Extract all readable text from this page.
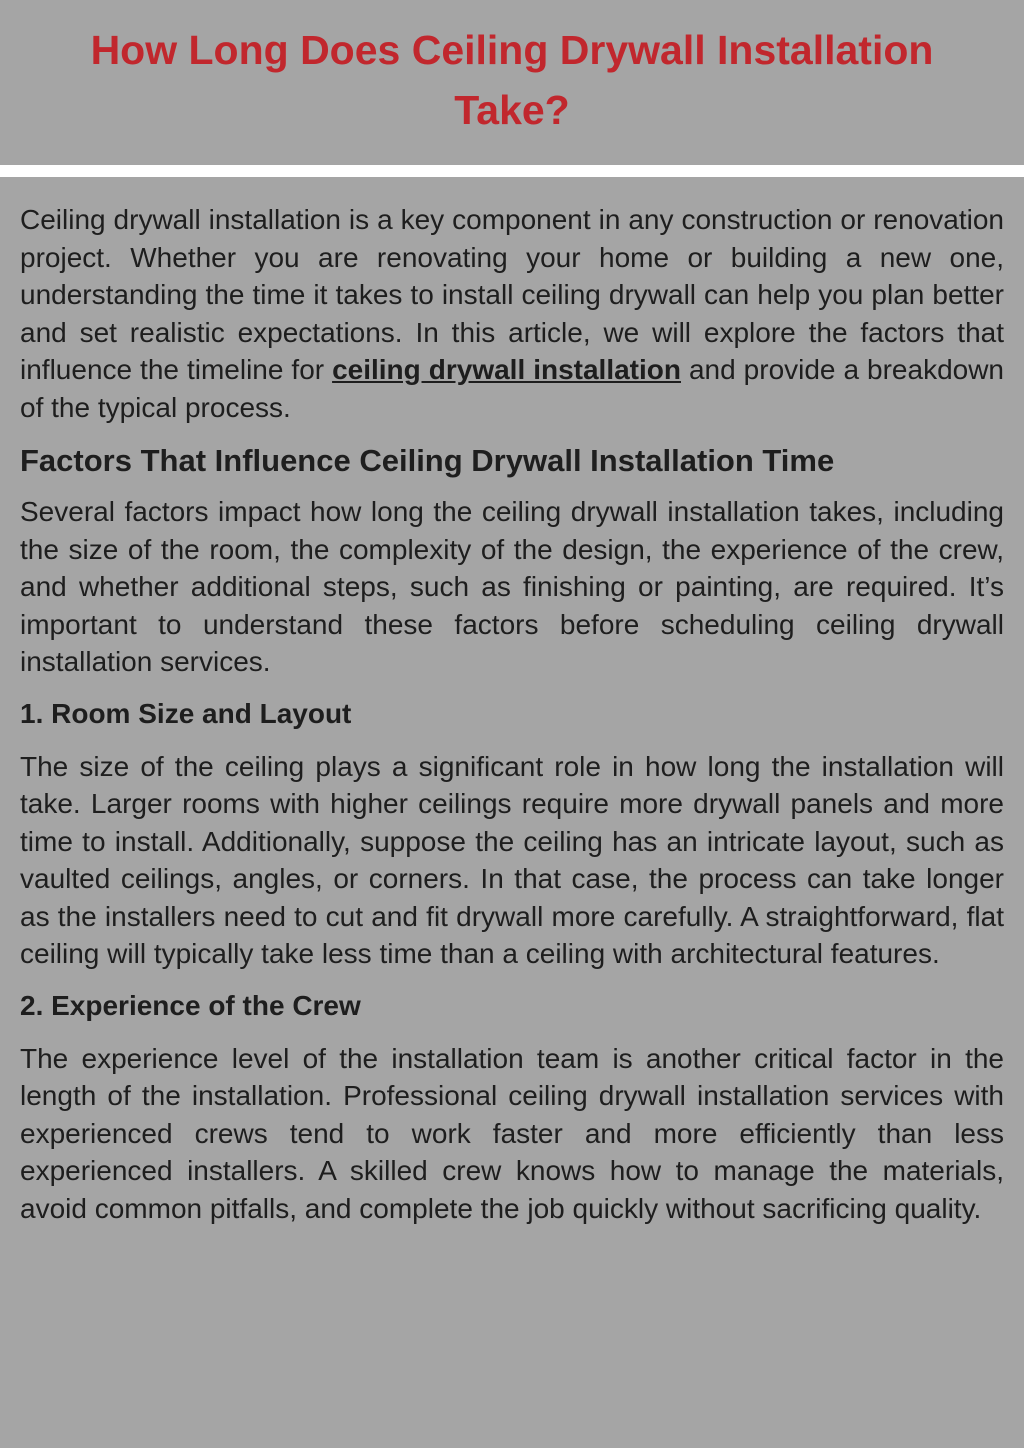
How Long Does Ceiling Drywall Installation Take?

Ceiling drywall installation is a key component in any construction or renovation project. Whether you are renovating your home or building a new one, understanding the time it takes to install ceiling drywall can help you plan better and set realistic expectations. In this article, we will explore the factors that influence the timeline for ceiling drywall installation and provide a breakdown of the typical process.

Factors That Influence Ceiling Drywall Installation Time

Several factors impact how long the ceiling drywall installation takes, including the size of the room, the complexity of the design, the experience of the crew, and whether additional steps, such as finishing or painting, are required. It’s important to understand these factors before scheduling ceiling drywall installation services.

1. Room Size and Layout

The size of the ceiling plays a significant role in how long the installation will take. Larger rooms with higher ceilings require more drywall panels and more time to install. Additionally, suppose the ceiling has an intricate layout, such as vaulted ceilings, angles, or corners. In that case, the process can take longer as the installers need to cut and fit drywall more carefully. A straightforward, flat ceiling will typically take less time than a ceiling with architectural features.

2. Experience of the Crew

The experience level of the installation team is another critical factor in the length of the installation. Professional ceiling drywall installation services with experienced crews tend to work faster and more efficiently than less experienced installers. A skilled crew knows how to manage the materials, avoid common pitfalls, and complete the job quickly without sacrificing quality.
